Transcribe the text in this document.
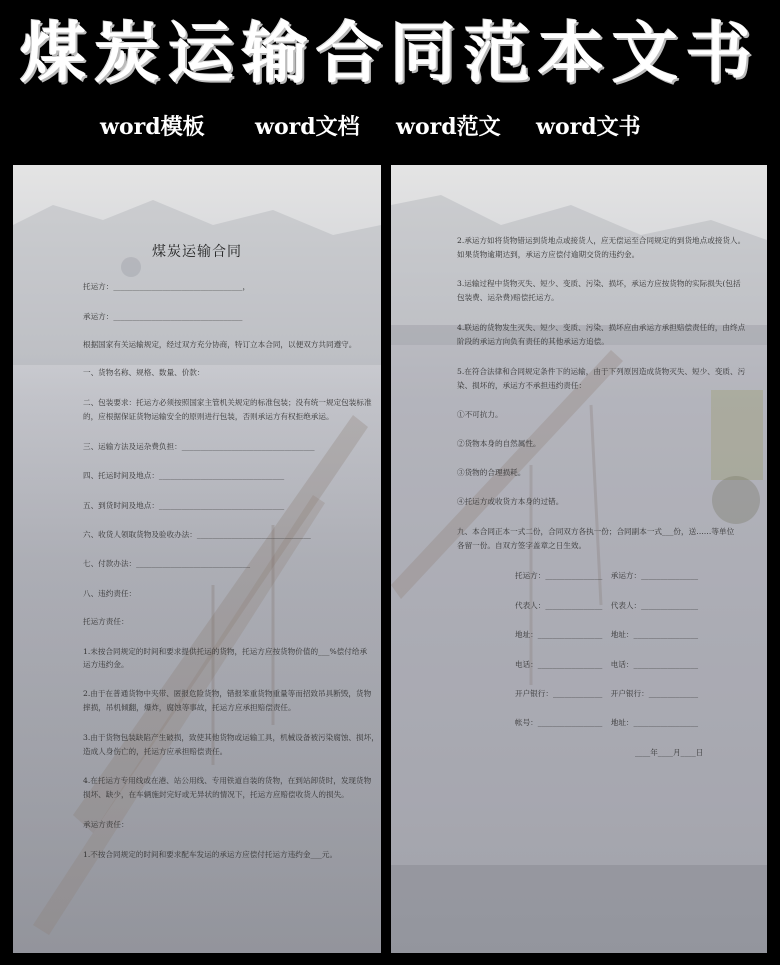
煤炭运输合同范本文书
word模板 word文档 word范文 word文书
煤炭运输合同
托运方：__________________________________，
承运方：__________________________________
根据国家有关运输规定，经过双方充分协商，特订立本合同，以便双方共同遵守。
一、货物名称、规格、数量、价款：
二、包装要求：托运方必须按照国家主管机关规定的标准包装；没有统一规定包装标准
的，应根据保证货物运输安全的原则进行包装，否则承运方有权拒绝承运。
三、运输方法及运杂费负担：___________________________________
四、托运时间及地点：_________________________________
五、到货时间及地点：_________________________________
六、收货人领取货物及验收办法：______________________________
七、付款办法：______________________________
八、违约责任：
托运方责任：
1.未按合同规定的时间和要求提供托运的货物，托运方应按货物价值的___%偿付给承
运方违约金。
2.由于在普通货物中夹带、匿报危险货物，错报笨重货物重量等而招致吊具断毁，货物
摔损，吊机倾翻，爆炸，腐蚀等事故，托运方应承担赔偿责任。
3.由于货物包装缺陷产生破损，致使其他货物或运输工具，机械设备被污染腐蚀、损坏，
造成人身伤亡的，托运方应承担赔偿责任。
4.在托运方专用线或在港、站公用线、专用铁道自装的货物，在到站卸货时，发现货物
损坏、缺少，在车辆施封完好或无异状的情况下，托运方应赔偿收货人的损失。
承运方责任：
1.不按合同规定的时间和要求配车发运的承运方应偿付托运方违约金___元。
2.承运方如将货物错运到货地点或接货人，应无偿运至合同规定的到货地点或接货人。
如果货物逾期达到，承运方应偿付逾期交货的违约金。
3.运输过程中货物灭失、短少、变质、污染、损坏，承运方应按货物的实际损失(包括
包装费、运杂费)赔偿托运方。
4.联运的货物发生灭失、短少、变质、污染、损坏应由承运方承担赔偿责任的，由终点
阶段的承运方向负有责任的其他承运方追偿。
5.在符合法律和合同规定条件下的运输，由于下列原因造成货物灭失、短少、变质、污
染、损坏的，承运方不承担违约责任：
①不可抗力。
②货物本身的自然属性。
③货物的合理损耗。
④托运方或收货方本身的过错。
九、本合同正本一式二份，合同双方各执一份；合同副本一式___份，送……等单位
各留一份。自双方签字盖章之日生效。
托运方：_______________ 承运方：_______________
代表人：_______________ 代表人：_______________
地址：_________________ 地址：_________________
电话：_________________ 电话：_________________
开户银行：_____________ 开户银行：_____________
帐号：_________________ 地址：_________________
____年____月____日
